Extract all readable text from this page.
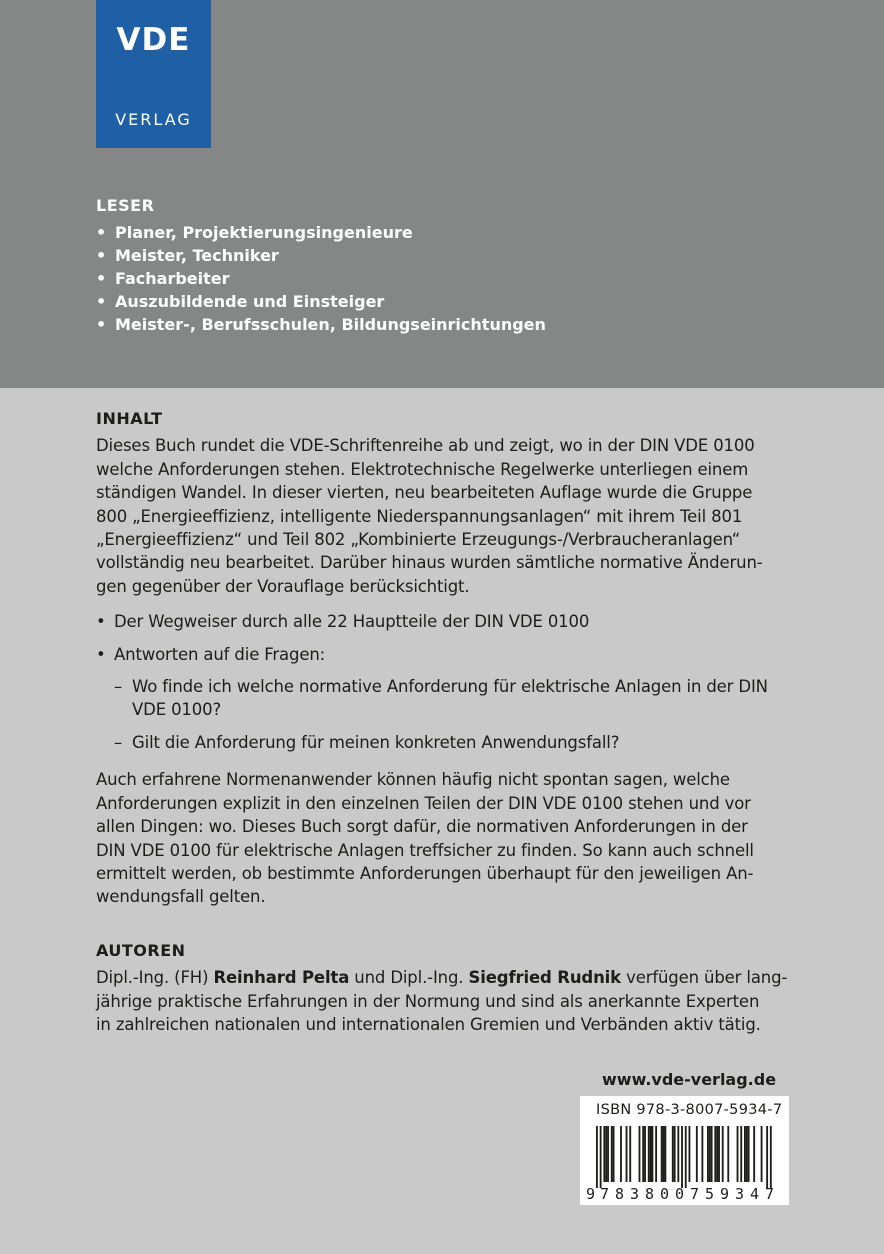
VDE
VERLAG
LESER
• Planer, Projektierungsingenieure
• Meister, Techniker
• Facharbeiter
• Auszubildende und Einsteiger
• Meister-, Berufsschulen, Bildungseinrichtungen
INHALT

Dieses Buch rundet die VDE-Schriftenreihe ab und zeigt, wo in der DIN VDE 0100
welche Anforderungen stehen. Elektrotechnische Regelwerke unterliegen einem
ständigen Wandel. In dieser vierten, neu bearbeiteten Auflage wurde die Gruppe
800 „Energieeffizienz, intelligente Niederspannungsanlagen“ mit ihrem Teil 801
„Energieeffizienz“ und Teil 802 „Kombinierte Erzeugungs-/Verbraucheranlagen“
vollständig neu bearbeitet. Darüber hinaus wurden sämtliche normative Änderun-
gen gegenüber der Vorauflage berücksichtigt.

• Der Wegweiser durch alle 22 Hauptteile der DIN VDE 0100
• Antworten auf die Fragen:
– Wo finde ich welche normative Anforderung für elektrische Anlagen in der DIN
VDE 0100?
– Gilt die Anforderung für meinen konkreten Anwendungsfall?

Auch erfahrene Normenanwender können häufig nicht spontan sagen, welche
Anforderungen explizit in den einzelnen Teilen der DIN VDE 0100 stehen und vor
allen Dingen: wo. Dieses Buch sorgt dafür, die normativen Anforderungen in der
DIN VDE 0100 für elektrische Anlagen treffsicher zu finden. So kann auch schnell
ermittelt werden, ob bestimmte Anforderungen überhaupt für den jeweiligen An-
wendungsfall gelten.

AUTOREN

Dipl.-Ing. (FH) Reinhard Pelta und Dipl.-Ing. Siegfried Rudnik verfügen über lang-
jährige praktische Erfahrungen in der Normung und sind als anerkannte Experten
in zahlreichen nationalen und internationalen Gremien und Verbänden aktiv tätig.

www.vde-verlag.de
ISBN 978-3-8007-5934-7
9 783800 759347
